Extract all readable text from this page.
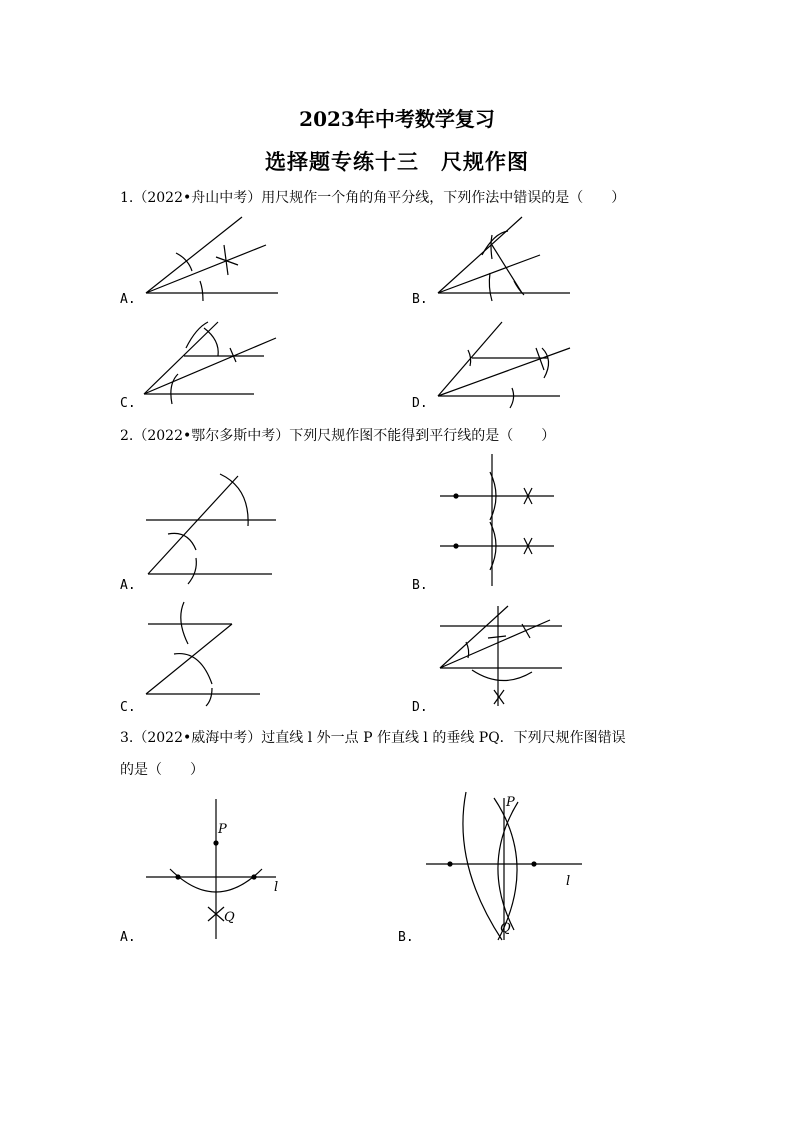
2023年中考数学复习
选择题专练十三　尺规作图
1.（2022•舟山中考）用尺规作一个角的角平分线，下列作法中错误的是（　　）
A.	B.
C.	D.
2.（2022•鄂尔多斯中考）下列尺规作图不能得到平行线的是（　　）
A.	B.
C.	D.
3.（2022•威海中考）过直线 l 外一点 P 作直线 l 的垂线 PQ．下列尺规作图错误
的是（　　）
P
Q
l
A.
P
Q
l
B.
